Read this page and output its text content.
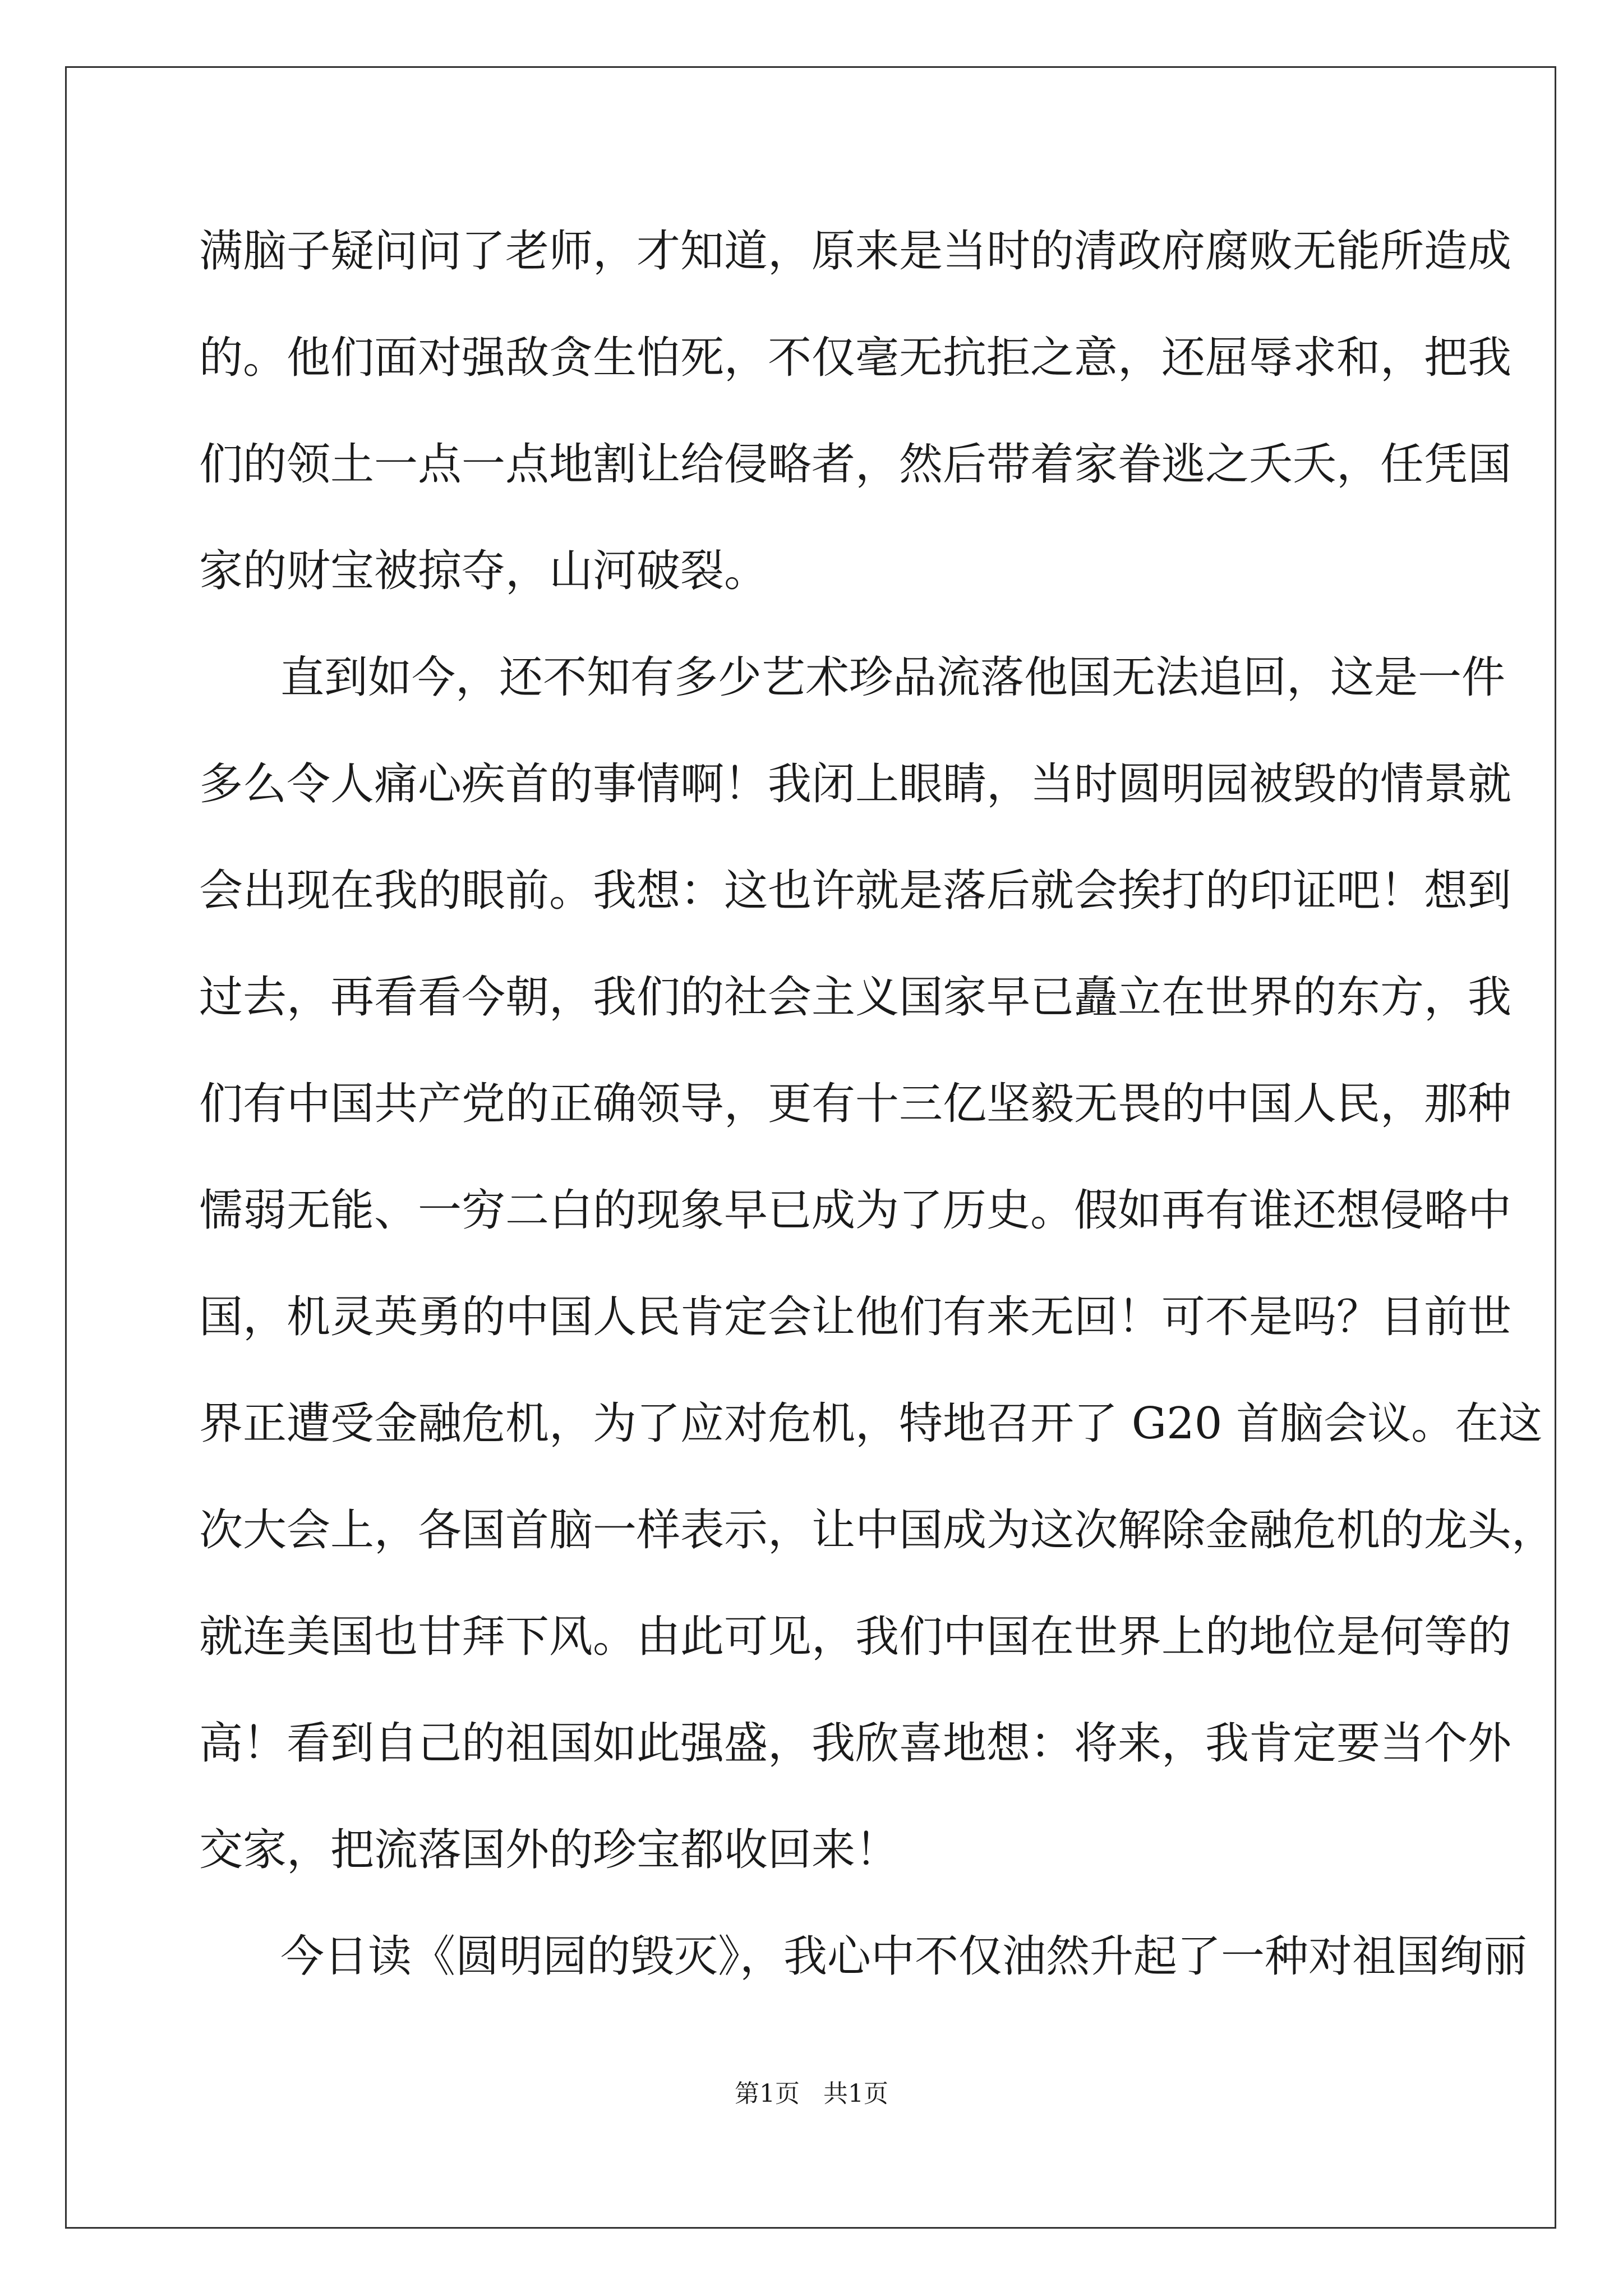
满脑子疑问问了老师，才知道，原来是当时的清政府腐败无能所造成
的。他们面对强敌贪生怕死，不仅毫无抗拒之意，还屈辱求和，把我
们的领土一点一点地割让给侵略者，然后带着家眷逃之夭夭，任凭国
家的财宝被掠夺，山河破裂。
直到如今，还不知有多少艺术珍品流落他国无法追回，这是一件
多么令人痛心疾首的事情啊！我闭上眼睛，当时圆明园被毁的情景就
会出现在我的眼前。我想：这也许就是落后就会挨打的印证吧！想到
过去，再看看今朝，我们的社会主义国家早已矗立在世界的东方，我
们有中国共产党的正确领导，更有十三亿坚毅无畏的中国人民，那种
懦弱无能、一穷二白的现象早已成为了历史。假如再有谁还想侵略中
国，机灵英勇的中国人民肯定会让他们有来无回！可不是吗？目前世
界正遭受金融危机，为了应对危机，特地召开了 G20 首脑会议。在这
次大会上，各国首脑一样表示，让中国成为这次解除金融危机的龙头，
就连美国也甘拜下风。由此可见，我们中国在世界上的地位是何等的
高！看到自己的祖国如此强盛，我欣喜地想：将来，我肯定要当个外
交家，把流落国外的珍宝都收回来！
今日读《圆明园的毁灭》，我心中不仅油然升起了一种对祖国绚丽
第1页   共1页
